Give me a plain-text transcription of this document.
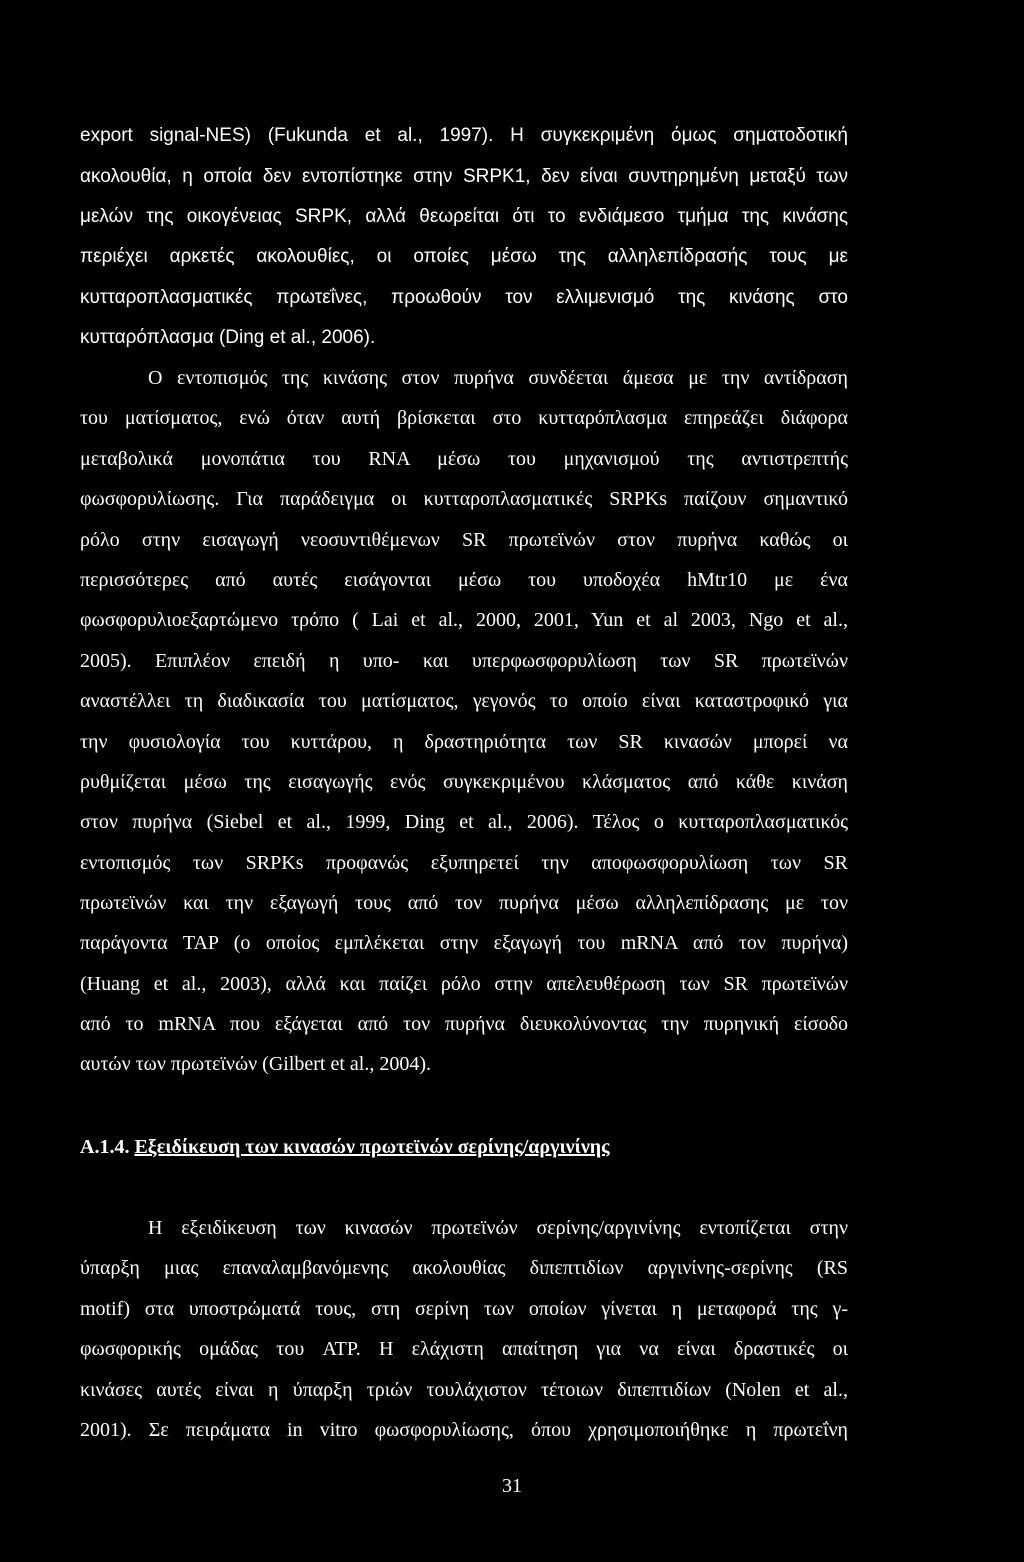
export signal-NES) (Fukunda et al., 1997). Η συγκεκριμένη όμως σηματοδοτική

ακολουθία, η οποία δεν εντοπίστηκε στην SRPK1, δεν είναι συντηρημένη μεταξύ των

μελών της οικογένειας SRPK, αλλά θεωρείται ότι το ενδιάμεσο τμήμα της κινάσης

περιέχει αρκετές ακολουθίες, οι οποίες μέσω της αλληλεπίδρασής τους με

κυτταροπλασματικές πρωτεΐνες, προωθούν τον ελλιμενισμό της κινάσης στο

κυτταρόπλασμα (Ding et al., 2006).

Ο εντοπισμός της κινάσης στον πυρήνα συνδέεται άμεσα με την αντίδραση

του ματίσματος, ενώ όταν αυτή βρίσκεται στο κυτταρόπλασμα επηρεάζει διάφορα

μεταβολικά μονοπάτια του RNA μέσω του μηχανισμού της αντιστρεπτής

φωσφορυλίωσης. Για παράδειγμα οι κυτταροπλασματικές SRPKs παίζουν σημαντικό

ρόλο στην εισαγωγή νεοσυντιθέμενων SR πρωτεϊνών στον πυρήνα καθώς οι

περισσότερες από αυτές εισάγονται μέσω του υποδοχέα hMtr10 με ένα

φωσφορυλιοεξαρτώμενο τρόπο ( Lai et al., 2000, 2001, Yun et al 2003, Ngo et al.,

2005). Επιπλέον επειδή η υπο- και υπερφωσφορυλίωση των SR πρωτεϊνών

αναστέλλει τη διαδικασία του ματίσματος, γεγονός το οποίο είναι καταστροφικό για

την φυσιολογία του κυττάρου, η δραστηριότητα των SR κινασών μπορεί να

ρυθμίζεται μέσω της εισαγωγής ενός συγκεκριμένου κλάσματος από κάθε κινάση

στον πυρήνα (Siebel et al., 1999, Ding et al., 2006). Τέλος ο κυτταροπλασματικός

εντοπισμός των SRPKs προφανώς εξυπηρετεί την αποφωσφορυλίωση των SR

πρωτεϊνών και την εξαγωγή τους από τον πυρήνα μέσω αλληλεπίδρασης με τον

παράγοντα TAP (ο οποίος εμπλέκεται στην εξαγωγή του mRNA από τον πυρήνα)

(Huang et al., 2003), αλλά και παίζει ρόλο στην απελευθέρωση των SR πρωτεϊνών

από το mRNA που εξάγεται από τον πυρήνα διευκολύνοντας την πυρηνική είσοδο

αυτών των πρωτεϊνών (Gilbert et al., 2004).

A.1.4. Εξειδίκευση των κινασών πρωτεϊνών σερίνης/αργινίνης

Η εξειδίκευση των κινασών πρωτεϊνών σερίνης/αργινίνης εντοπίζεται στην

ύπαρξη μιας επαναλαμβανόμενης ακολουθίας διπεπτιδίων αργινίνης-σερίνης (RS

motif) στα υποστρώματά τους, στη σερίνη των οποίων γίνεται η μεταφορά της γ-

φωσφορικής ομάδας του ATP. Η ελάχιστη απαίτηση για να είναι δραστικές οι

κινάσες αυτές είναι η ύπαρξη τριών τουλάχιστον τέτοιων διπεπτιδίων (Nolen et al.,

2001). Σε πειράματα in vitro φωσφορυλίωσης, όπου χρησιμοποιήθηκε η πρωτεΐνη

31
